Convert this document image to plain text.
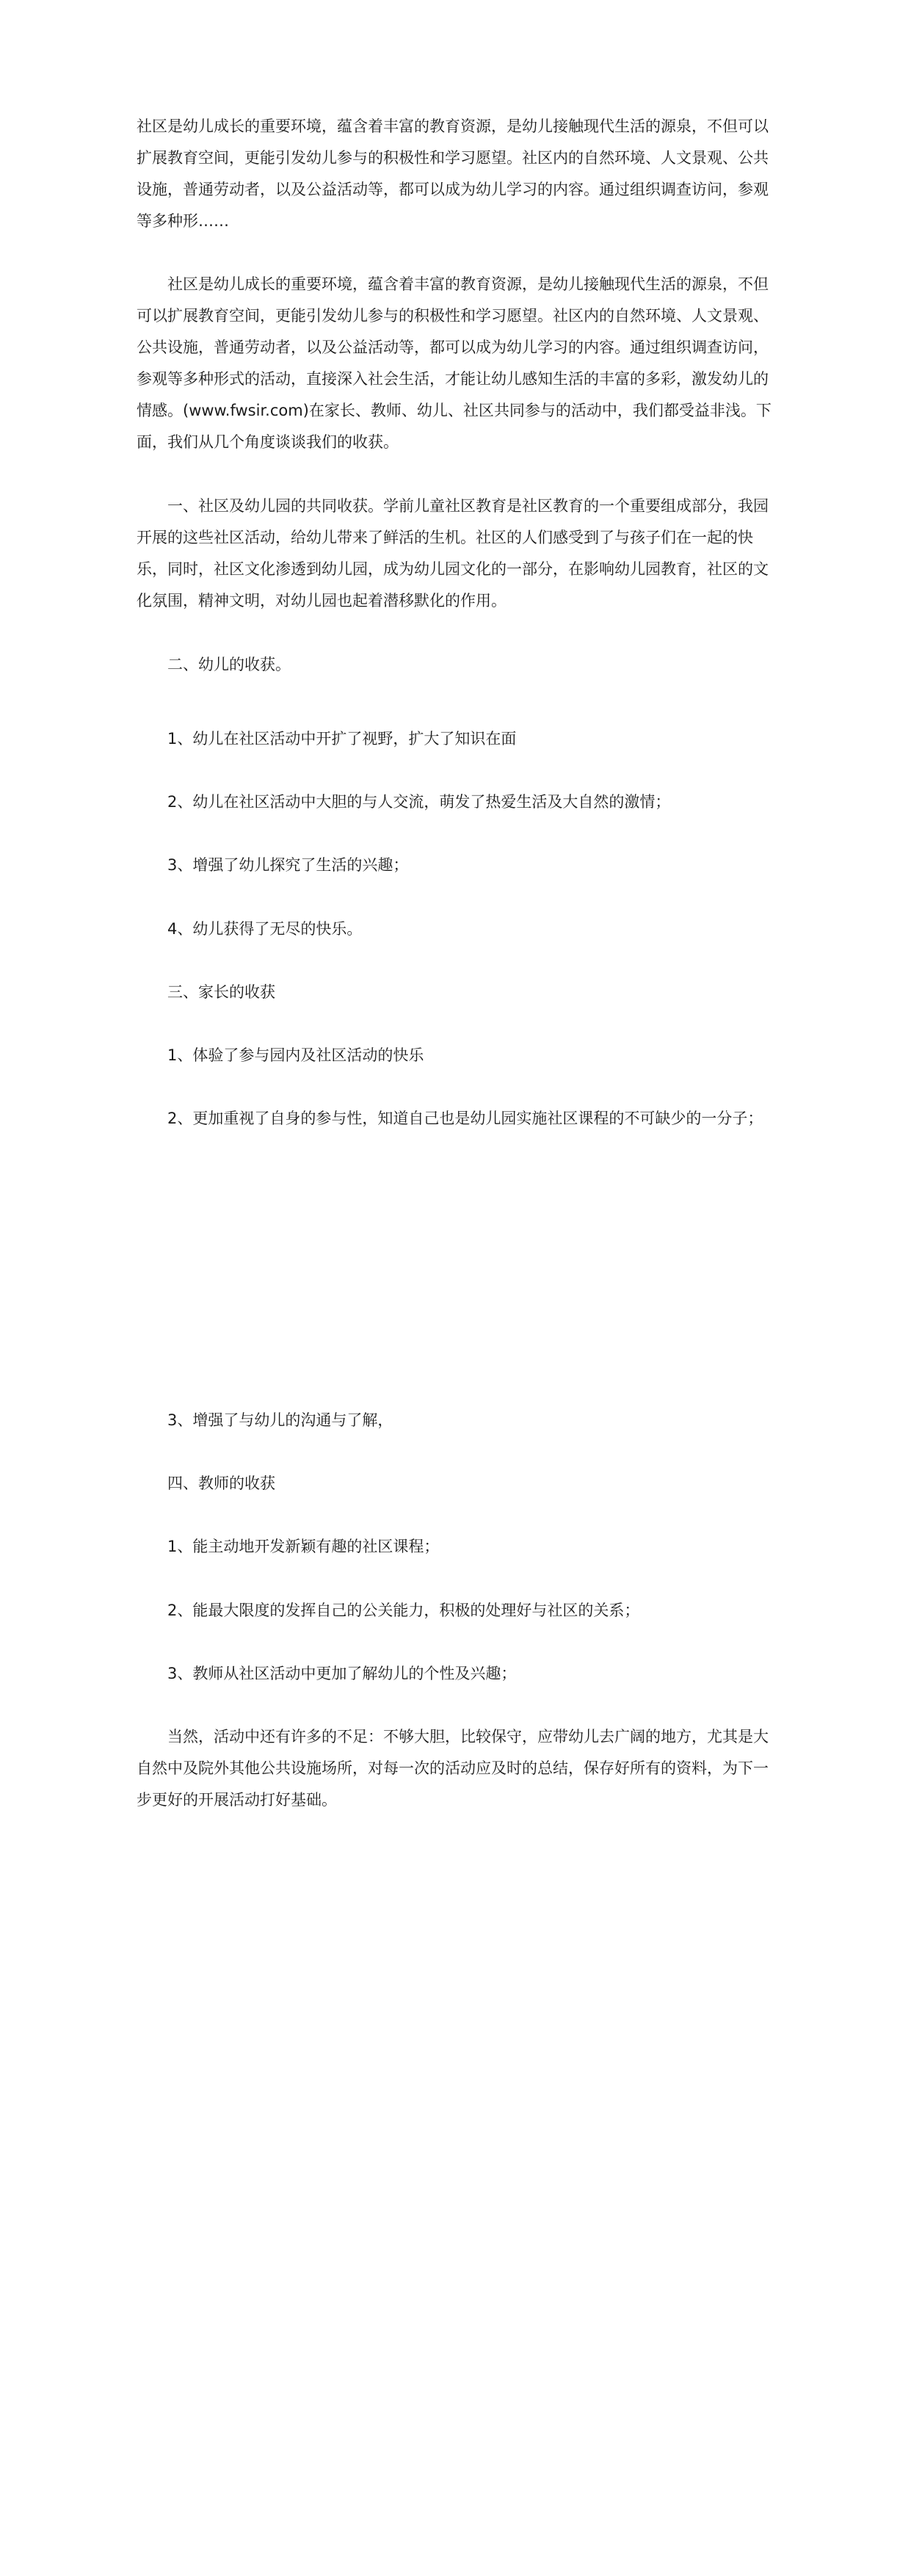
社区是幼儿成长的重要环境，蕴含着丰富的教育资源，是幼儿接触现代生活的源泉，不但可以扩展教育空间，更能引发幼儿参与的积极性和学习愿望。社区内的自然环境、人文景观、公共设施，普通劳动者，以及公益活动等，都可以成为幼儿学习的内容。通过组织调查访问，参观等多种形……

社区是幼儿成长的重要环境，蕴含着丰富的教育资源，是幼儿接触现代生活的源泉，不但可以扩展教育空间，更能引发幼儿参与的积极性和学习愿望。社区内的自然环境、人文景观、公共设施，普通劳动者，以及公益活动等，都可以成为幼儿学习的内容。通过组织调查访问，参观等多种形式的活动，直接深入社会生活，才能让幼儿感知生活的丰富的多彩，激发幼儿的情感。(www.fwsir.com)在家长、教师、幼儿、社区共同参与的活动中，我们都受益非浅。下面，我们从几个角度谈谈我们的收获。

一、社区及幼儿园的共同收获。学前儿童社区教育是社区教育的一个重要组成部分，我园开展的这些社区活动，给幼儿带来了鲜活的生机。社区的人们感受到了与孩子们在一起的快乐，同时，社区文化渗透到幼儿园，成为幼儿园文化的一部分，在影响幼儿园教育，社区的文化氛围，精神文明，对幼儿园也起着潜移默化的作用。

二、幼儿的收获。

1、幼儿在社区活动中开扩了视野，扩大了知识在面

2、幼儿在社区活动中大胆的与人交流，萌发了热爱生活及大自然的激情；

3、增强了幼儿探究了生活的兴趣；

4、幼儿获得了无尽的快乐。

三、家长的收获

1、体验了参与园内及社区活动的快乐

2、更加重视了自身的参与性，知道自己也是幼儿园实施社区课程的不可缺少的一分子；

3、增强了与幼儿的沟通与了解，

四、教师的收获

1、能主动地开发新颖有趣的社区课程；

2、能最大限度的发挥自己的公关能力，积极的处理好与社区的关系；

3、教师从社区活动中更加了解幼儿的个性及兴趣；

当然，活动中还有许多的不足：不够大胆，比较保守，应带幼儿去广阔的地方，尤其是大自然中及院外其他公共设施场所，对每一次的活动应及时的总结，保存好所有的资料，为下一步更好的开展活动打好基础。
